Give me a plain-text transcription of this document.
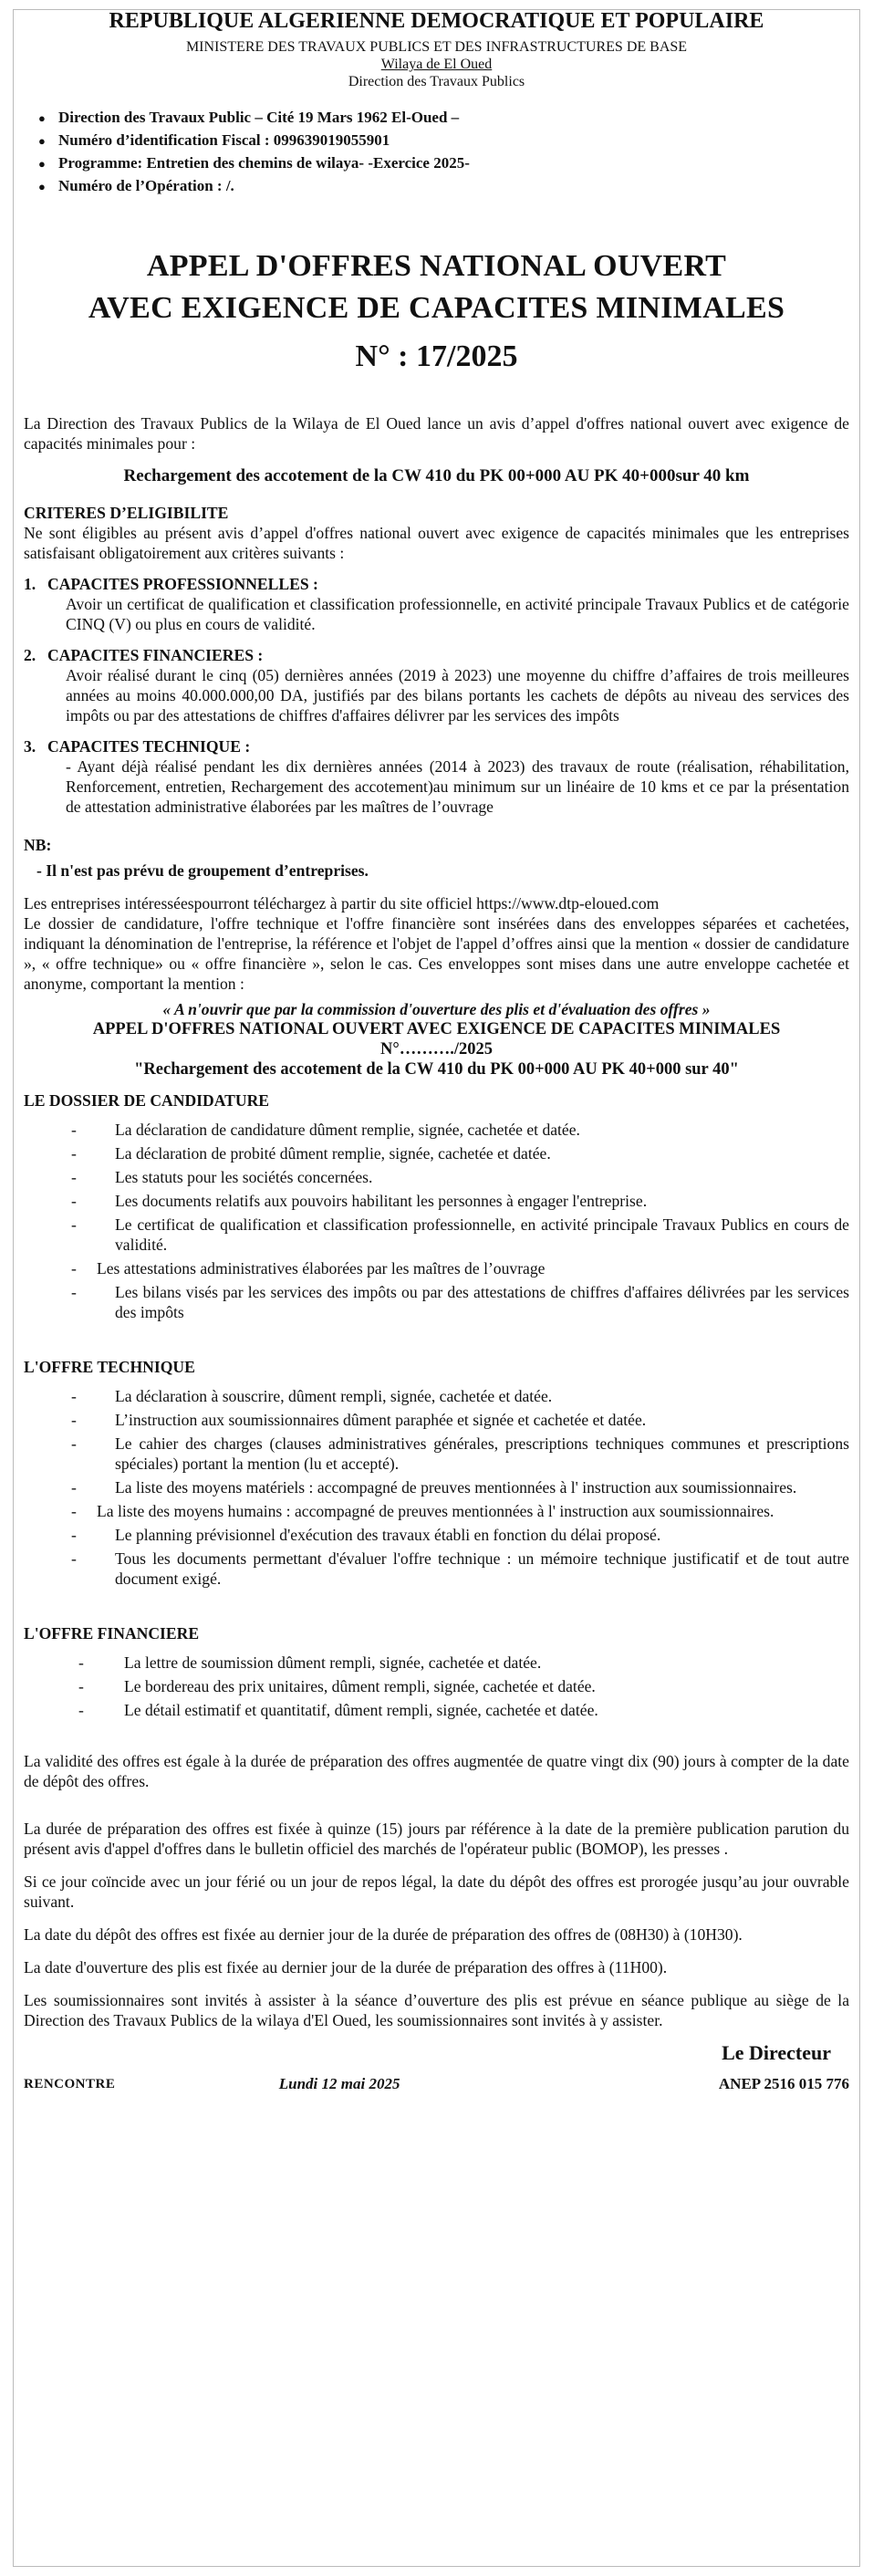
REPUBLIQUE ALGERIENNE DEMOCRATIQUE ET POPULAIRE
MINISTERE DES TRAVAUX PUBLICS ET DES INFRASTRUCTURES DE BASE
Wilaya de El Oued
Direction des Travaux Publics
● Direction des Travaux Public – Cité 19 Mars 1962 El-Oued –
● Numéro d’identification Fiscal : 099639019055901
● Programme: Entretien des chemins de wilaya- -Exercice 2025-
● Numéro de l’Opération : /.
APPEL D'OFFRES NATIONAL OUVERT
AVEC EXIGENCE DE CAPACITES MINIMALES
N° : 17/2025

La Direction des Travaux Publics de la Wilaya de El Oued lance un avis d’appel d'offres national ouvert avec exigence de capacités minimales pour :

Rechargement des accotement de la CW 410 du PK 00+000 AU PK 40+000sur 40 km
CRITERES D’ELIGIBILITE

Ne sont éligibles au présent avis d’appel d'offres national ouvert avec exigence de capacités minimales que les entreprises satisfaisant obligatoirement aux critères suivants :

1. CAPACITES PROFESSIONNELLES :

Avoir un certificat de qualification et classification professionnelle, en activité principale Travaux Publics et de catégorie CINQ (V) ou plus en cours de validité.

2. CAPACITES FINANCIERES :

Avoir réalisé durant le cinq (05) dernières années (2019 à 2023) une moyenne du chiffre d’affaires de trois meilleures années au moins 40.000.000,00 DA, justifiés par des bilans portants les cachets de dépôts au niveau des services des impôts ou par des attestations de chiffres d'affaires délivrer par les services des impôts

3. CAPACITES TECHNIQUE :

- Ayant déjà réalisé pendant les dix dernières années (2014 à 2023) des travaux de route (réalisation, réhabilitation, Renforcement, entretien, Rechargement des accotement)au minimum sur un linéaire de 10 kms et ce par la présentation de attestation administrative élaborées par les maîtres de l’ouvrage

NB:
- Il n'est pas prévu de groupement d’entreprises.

Les entreprises intéresséespourront téléchargez à partir du site officiel https://www.dtp-eloued.com

Le dossier de candidature, l'offre technique et l'offre financière sont insérées dans des enveloppes séparées et cachetées, indiquant la dénomination de l'entreprise, la référence et l'objet de l'appel d’offres ainsi que la mention « dossier de candidature », « offre technique» ou « offre financière », selon le cas. Ces enveloppes sont mises dans une autre enveloppe cachetée et anonyme, comportant la mention :

« A n'ouvrir que par la commission d'ouverture des plis et d'évaluation des offres »
APPEL D'OFFRES NATIONAL OUVERT AVEC EXIGENCE DE CAPACITES MINIMALES
N°………./2025
"Rechargement des accotement de la CW 410 du PK 00+000 AU PK 40+000 sur 40"
LE DOSSIER DE CANDIDATURE
-	La déclaration de candidature dûment remplie, signée, cachetée et datée.
-	La déclaration de probité dûment remplie, signée, cachetée et datée.
-	Les statuts pour les sociétés concernées.
-	Les documents relatifs aux pouvoirs habilitant les personnes à engager l'entreprise.
-	Le certificat de qualification et classification professionnelle, en activité principale Travaux Publics en cours de validité.
-	Les attestations administratives élaborées par les maîtres de l’ouvrage
-	Les bilans visés par les services des impôts ou par des attestations de chiffres d'affaires délivrées par les services des impôts
L'OFFRE TECHNIQUE
-	La déclaration à souscrire, dûment rempli, signée, cachetée et datée.
-	L’instruction aux soumissionnaires dûment paraphée et signée et cachetée et datée.
-	Le cahier des charges (clauses administratives générales, prescriptions techniques communes et prescriptions spéciales) portant la mention (lu et accepté).
-	La liste des moyens matériels : accompagné de preuves mentionnées à l' instruction aux soumissionnaires.
-	La liste des moyens humains : accompagné de preuves mentionnées à l' instruction aux soumissionnaires.
-	Le planning prévisionnel d'exécution des travaux établi en fonction du délai proposé.
-	Tous les documents permettant d'évaluer l'offre technique : un mémoire technique justificatif et de tout autre document exigé.
L'OFFRE FINANCIERE
-	La lettre de soumission dûment rempli, signée, cachetée et datée.
-	Le bordereau des prix unitaires, dûment rempli, signée, cachetée et datée.
-	Le détail estimatif et quantitatif, dûment rempli, signée, cachetée et datée.

La validité des offres est égale à la durée de préparation des offres augmentée de quatre vingt dix (90) jours à compter de la date de dépôt des offres.

La durée de préparation des offres est fixée à quinze (15) jours par référence à la date de la première publication parution du présent avis d'appel d'offres dans le bulletin officiel des marchés de l'opérateur public (BOMOP), les presses .

Si ce jour coïncide avec un jour férié ou un jour de repos légal, la date du dépôt des offres est prorogée jusqu’au jour ouvrable suivant.

La date du dépôt des offres est fixée au dernier jour de la durée de préparation des offres de (08H30) à (10H30).

La date d'ouverture des plis est fixée au dernier jour de la durée de préparation des offres à (11H00).

Les soumissionnaires sont invités à assister à la séance d’ouverture des plis est prévue en séance publique au siège de la Direction des Travaux Publics de la wilaya d'El Oued, les soumissionnaires sont invités à y assister.

Le Directeur
RENCONTRE	Lundi 12 mai 2025	ANEP 2516 015 776
